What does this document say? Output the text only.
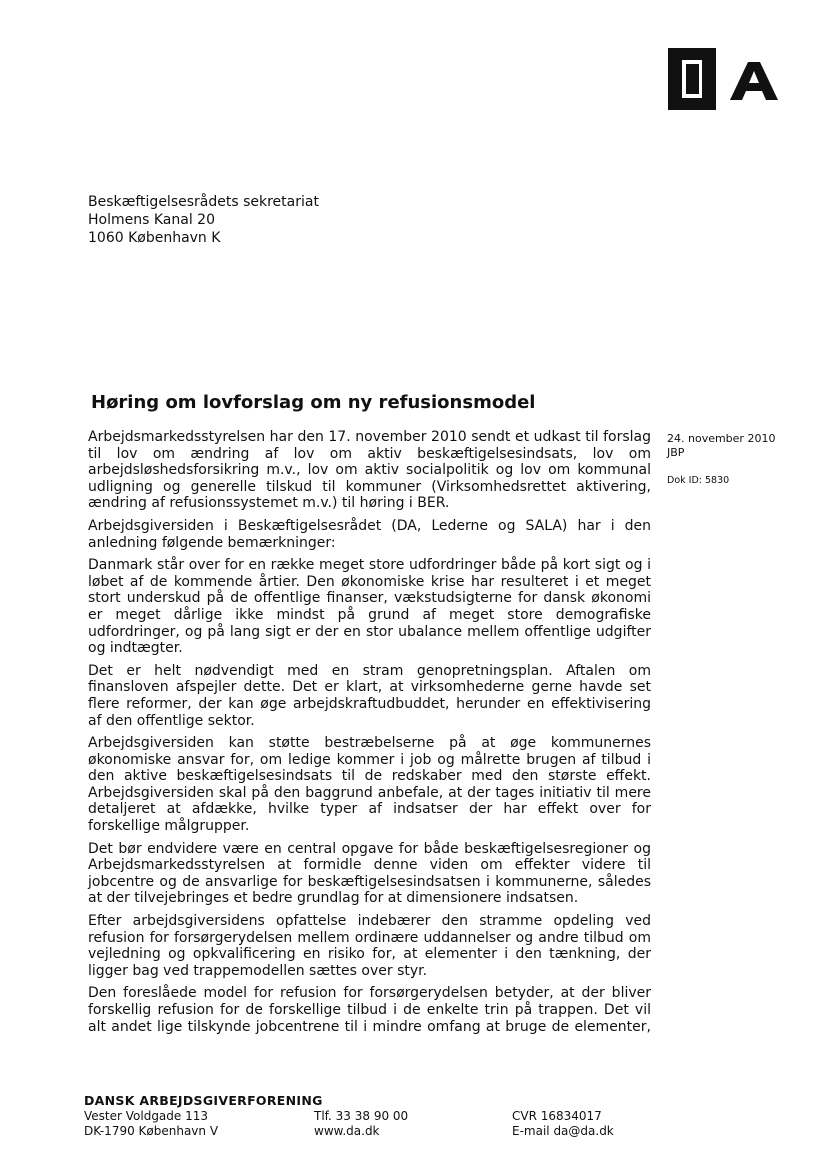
Beskæftigelsesrådets sekretariat
Holmens Kanal 20
1060 København K
Høring om lovforslag om ny refusionsmodel
24. november 2010
JBP
Dok ID: 5830

Arbejdsmarkedsstyrelsen har den 17. november 2010 sendt et udkast til forslag til lov om ændring af lov om aktiv beskæftigelsesindsats, lov om arbejdsløshedsforsikring m.v., lov om aktiv socialpolitik og lov om kommunal udligning og generelle tilskud til kommuner (Virksomhedsrettet aktivering, ændring af refusionssystemet m.v.) til høring i BER.

Arbejdsgiversiden i Beskæftigelsesrådet (DA, Lederne og SALA) har i den anledning følgende bemærkninger:

Danmark står over for en række meget store udfordringer både på kort sigt og i løbet af de kommende årtier. Den økonomiske krise har resulteret i et meget stort underskud på de offentlige finanser, vækstudsigterne for dansk økonomi er meget dårlige ikke mindst på grund af meget store demografiske udfordringer, og på lang sigt er der en stor ubalance mellem offentlige udgifter og indtægter.

Det er helt nødvendigt med en stram genopretningsplan. Aftalen om finansloven afspejler dette. Det er klart, at virksomhederne gerne havde set flere reformer, der kan øge arbejdskraftudbuddet, herunder en effektivisering af den offentlige sektor.

Arbejdsgiversiden kan støtte bestræbelserne på at øge kommunernes økonomiske ansvar for, om ledige kommer i job og målrette brugen af tilbud i den aktive beskæftigelsesindsats til de redskaber med den største effekt. Arbejdsgiversiden skal på den baggrund anbefale, at der tages initiativ til mere detaljeret at afdække, hvilke typer af indsatser der har effekt over for forskellige målgrupper.

Det bør endvidere være en central opgave for både beskæftigelsesregioner og Arbejdsmarkedsstyrelsen at formidle denne viden om effekter videre til jobcentre og de ansvarlige for beskæftigelsesindsatsen i kommunerne, således at der tilvejebringes et bedre grundlag for at dimensionere indsatsen.

Efter arbejdsgiversidens opfattelse indebærer den stramme opdeling ved refusion for forsørgerydelsen mellem ordinære uddannelser og andre tilbud om vejledning og opkvalificering en risiko for, at elementer i den tænkning, der ligger bag ved trappemodellen sættes over styr.

Den foreslåede model for refusion for forsørgerydelsen betyder, at der bliver forskellig refusion for de forskellige tilbud i de enkelte trin på trappen. Det vil alt andet lige tilskynde jobcentrene til i mindre omfang at bruge de elementer,

DANSK ARBEJDSGIVERFORENING
Vester Voldgade 113
DK-1790 København V
Tlf. 33 38 90 00
www.da.dk
CVR 16834017
E-mail da@da.dk
